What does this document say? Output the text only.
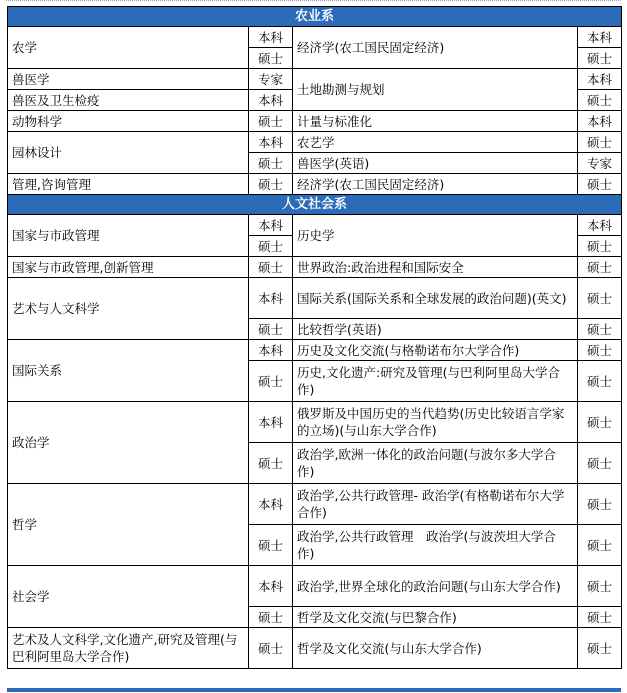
农业系			
农学	本科	经济学(农工国民固定经济)	本科
	硕士		硕士
兽医学	专家	土地勘测与规划	本科
兽医及卫生检疫	本科		硕士
动物科学	硕士	计量与标准化	本科
园林设计	本科	农艺学	硕士
	硕士	兽医学(英语)	专家
管理,咨询管理	硕士	经济学(农工国民固定经济)	硕士
人文社会系			
国家与市政管理	本科	历史学	本科
	硕士		硕士
国家与市政管理,创新管理	硕士	世界政治:政治进程和国际安全	硕士
艺术与人文科学	本科	国际关系(国际关系和全球发展的政治问题)(英文)	硕士
	硕士	比较哲学(英语)	硕士
国际关系	本科	历史及文化交流(与格勒诺布尔大学合作)	硕士
	硕士	历史,文化遗产:研究及管理(与巴利阿里岛大学合作)	硕士
政治学	本科	俄罗斯及中国历史的当代趋势(历史比较语言学家的立场)(与山东大学合作)	硕士
	硕士	政治学,欧洲一体化的政治问题(与波尔多大学合作)	硕士
哲学	本科	政治学,公共行政管理- 政治学(有格勒诺布尔大学合作)	硕士
	硕士	政治学,公共行政管理　政治学(与波茨坦大学合作)	硕士
社会学	本科	政治学,世界全球化的政治问题(与山东大学合作)	硕士
	硕士	哲学及文化交流(与巴黎合作)	硕士
艺术及人文科学,文化遗产,研究及管理(与巴利阿里岛大学合作)	硕士	哲学及文化交流(与山东大学合作)	硕士
